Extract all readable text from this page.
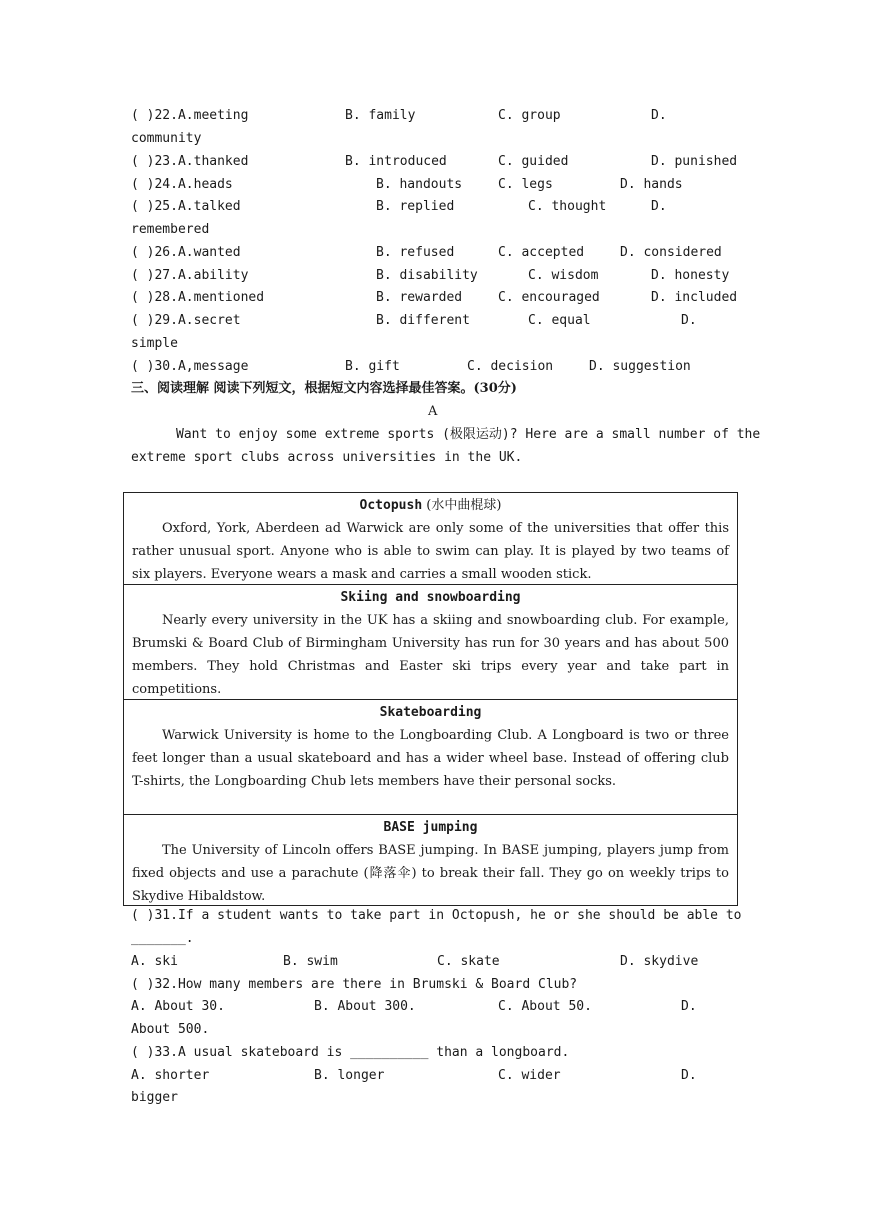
( )22.A.meeting	B. family	C. group	D.
community
( )23.A.thanked	B. introduced	C. guided	D. punished
( )24.A.heads	B. handouts	C. legs	D. hands
( )25.A.talked	B. replied	C. thought	D.
remembered
( )26.A.wanted	B. refused	C. accepted	D. considered
( )27.A.ability	B. disability	C. wisdom	D. honesty
( )28.A.mentioned	B. rewarded	C. encouraged	D. included
( )29.A.secret	B. different	C. equal	D.
simple
( )30.A,message	B. gift	C. decision	D. suggestion
三、阅读理解 阅读下列短文，根据短文内容选择最佳答案。(30分)
A
Want to enjoy some extreme sports (极限运动)? Here are a small number of the
extreme sport clubs across universities in the UK.
Octopush (水中曲棍球)
Oxford, York, Aberdeen ad Warwick are only some of the universities that offer this rather unusual sport. Anyone who is able to swim can play. It is played by two teams of six players. Everyone wears a mask and carries a small wooden stick.
Skiing and snowboarding
Nearly every university in the UK has a skiing and snowboarding club. For example, Brumski & Board Club of Birmingham University has run for 30 years and has about 500 members. They hold Christmas and Easter ski trips every year and take part in competitions.
Skateboarding
Warwick University is home to the Longboarding Club. A Longboard is two or three feet longer than a usual skateboard and has a wider wheel base. Instead of offering club T-shirts, the Longboarding Chub lets members have their personal socks.
BASE jumping
The University of Lincoln offers BASE jumping. In BASE jumping, players jump from fixed objects and use a parachute (降落伞) to break their fall. They go on weekly trips to Skydive Hibaldstow.
( )31.If a student wants to take part in Octopush, he or she should be able to
_______.
A. ski	B. swim	C. skate	D. skydive
( )32.How many members are there in Brumski & Board Club?
A. About 30.	B. About 300.	C. About 50.	D.
About 500.
( )33.A usual skateboard is __________ than a longboard.
A. shorter	B. longer	C. wider	D.
bigger
